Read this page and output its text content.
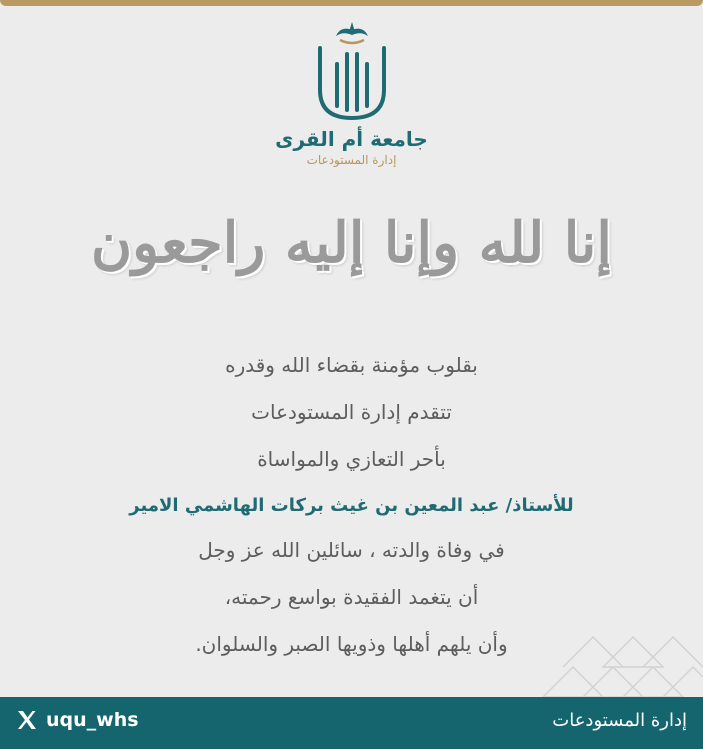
جامعة أم القرى
إدارة المستودعات
إنا لله وإنا إليه راجعون
بقلوب مؤمنة بقضاء الله وقدره
تتقدم إدارة المستودعات
بأحر التعازي والمواساة
للأستاذ/ عبد المعين بن غيث بركات الهاشمي الامير
في وفاة والدته ، سائلين الله عز وجل
أن يتغمد الفقيدة بواسع رحمته،
وأن يلهم أهلها وذويها الصبر والسلوان.
uqu_whs	إدارة المستودعات
